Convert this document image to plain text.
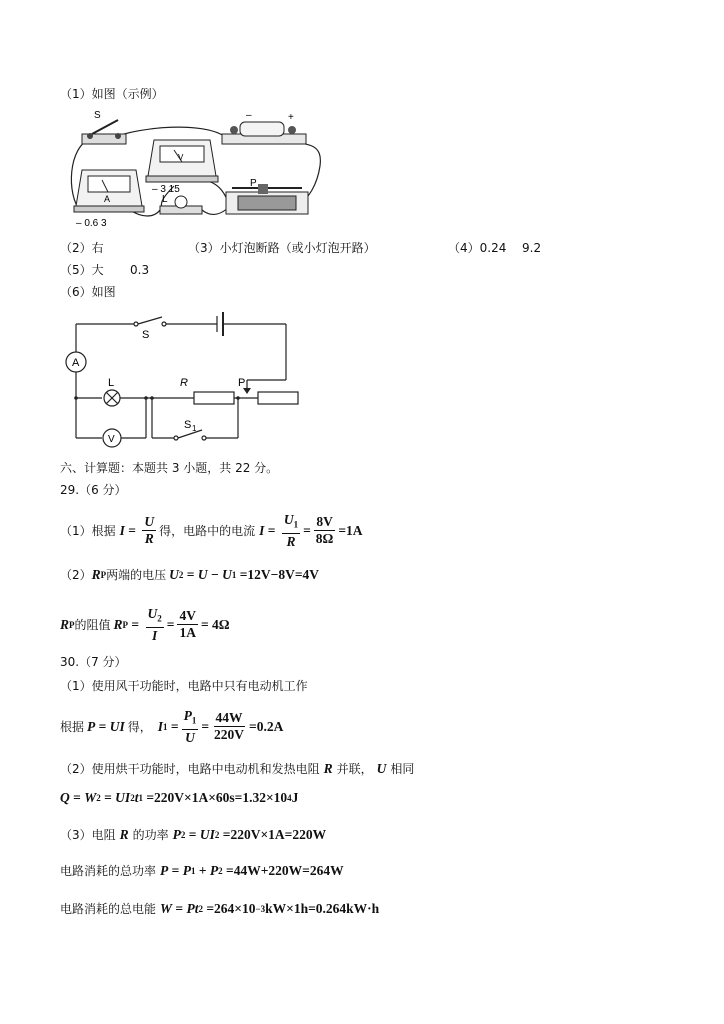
（1）如图（示例）
S	–	+
V
– 3 15
A
– 0.6 3
L
P
（2）右	（3）小灯泡断路（或小灯泡开路）	（4）0.24 9.2
（5）大 0.3
（6）如图
S
A
L	R	P
V
S 1
六、计算题：本题共 3 小题，共 22 分。
29.（6 分）
（1）根据 $I = \frac{U}{R}$ 得，电路中的电流 $I = \frac{U_1}{R} = \frac{8V}{8\Omega} =1A$
（2） R P 两端的电压 U 2 = U − U 1 =12V−8V=4V
R P 的阻值 R $P = \frac{U_2}{I} = \frac{4V}{1A} = 4\Omega$
30.（7 分）
（1）使用风干功能时，电路中只有电动机工作
根据 P = UI 得， I $1 = \frac{P_1}{U} = \frac{44W}{220V} =0.2A$
（2）使用烘干功能时，电路中电动机和发热电阻 R 并联， U 相同
Q = W 2 = UI 2 t 1 =220V×1A×60s=1.32×10 4 J
（3）电阻 R 的功率 P 2 = UI 2 =220V×1A=220W
电路消耗的总功率 P = P 1 + P 2 =44W+220W=264W
电路消耗的总电能 W = Pt 2 =264×10 −3 kW×1h=0.264kW·h
